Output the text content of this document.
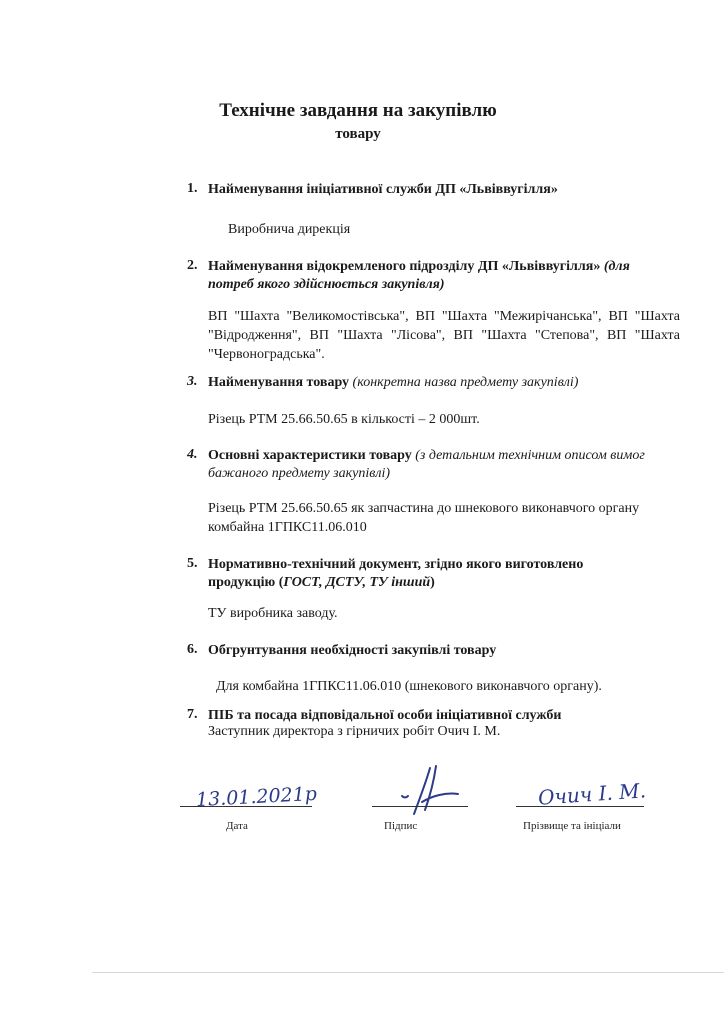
Технічне завдання на закупівлю
товару
1. Найменування ініціативної служби ДП «Львіввугілля»
Виробнича дирекція
2. Найменування відокремленого підрозділу ДП «Львіввугілля» (для потреб якого здійснюється закупівля)
ВП "Шахта "Великомостівська", ВП "Шахта "Межирічанська", ВП "Шахта "Відродження", ВП "Шахта "Лісова", ВП "Шахта "Степова", ВП "Шахта "Червоноградська".
3. Найменування товару (конкретна назва предмету закупівлі)
Різець РТМ 25.66.50.65 в кількості – 2 000шт.
4. Основні характеристики товару (з детальним технічним описом вимог бажаного предмету закупівлі)
Різець РТМ 25.66.50.65 як запчастина до шнекового виконавчого органу комбайна 1ГПКС11.06.010
5. Нормативно-технічний документ, згідно якого виготовлено продукцію (ГОСТ, ДСТУ, ТУ інший)
ТУ виробника заводу.
6. Обгрунтування необхідності закупівлі товару
Для комбайна 1ГПКС11.06.010 (шнекового виконавчого органу).
7. ПІБ та посада відповідальної особи ініціативної служби
Заступник директора з гірничих робіт Очич І. М.
13.01.2021р
Дата	Підпис
Очич І. М.
Прізвище та ініціали
